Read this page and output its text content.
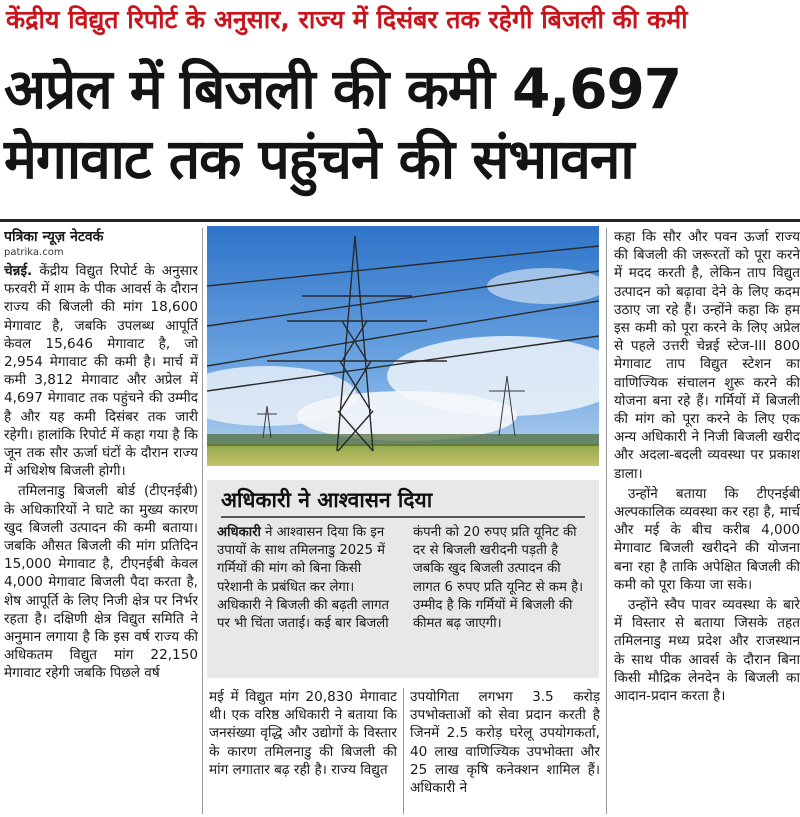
केंद्रीय विद्युत रिपोर्ट के अनुसार, राज्य में दिसंबर तक रहेगी बिजली की कमी
अप्रेल में बिजली की कमी 4,697
मेगावाट तक पहुंचने की संभावना
पत्रिका न्यूज़ नेटवर्क
patrika.com

चेन्नई. केंद्रीय विद्युत रिपोर्ट के अनुसार फरवरी में शाम के पीक आवर्स के दौरान राज्य की बिजली की मांग 18,600 मेगावाट है, जबकि उपलब्ध आपूर्ति केवल 15,646 मेगावाट है, जो 2,954 मेगावाट की कमी है। मार्च में कमी 3,812 मेगावाट और अप्रेल में 4,697 मेगावाट तक पहुंचने की उम्मीद है और यह कमी दिसंबर तक जारी रहेगी। हालांकि रिपोर्ट में कहा गया है कि जून तक सौर ऊर्जा घंटों के दौरान राज्य में अधिशेष बिजली होगी।

तमिलनाडु बिजली बोर्ड (टीएनईबी) के अधिकारियों ने घाटे का मुख्य कारण खुद बिजली उत्पादन की कमी बताया। जबकि औसत बिजली की मांग प्रतिदिन 15,000 मेगावाट है, टीएनईबी केवल 4,000 मेगावाट बिजली पैदा करता है, शेष आपूर्ति के लिए निजी क्षेत्र पर निर्भर रहता है। दक्षिणी क्षेत्र विद्युत समिति ने अनुमान लगाया है कि इस वर्ष राज्य की अधिकतम विद्युत मांग 22,150 मेगावाट रहेगी जबकि पिछले वर्ष

अधिकारी ने आश्वासन दिया
अधिकारी ने आश्वासन दिया कि इन उपायों के साथ तमिलनाडु 2025 में गर्मियों की मांग को बिना किसी परेशानी के प्रबंधित कर लेगा। अधिकारी ने बिजली की बढ़ती लागत पर भी चिंता जताई। कई बार बिजली
कंपनी को 20 रुपए प्रति यूनिट की दर से बिजली खरीदनी पड़ती है जबकि खुद बिजली उत्पादन की लागत 6 रुपए प्रति यूनिट से कम है। उम्मीद है कि गर्मियों में बिजली की कीमत बढ़ जाएगी।
मई में विद्युत मांग 20,830 मेगावाट थी। एक वरिष्ठ अधिकारी ने बताया कि जनसंख्या वृद्धि और उद्योगों के विस्तार के कारण तमिलनाडु की बिजली की मांग लगातार बढ़ रही है। राज्य विद्युत
उपयोगिता लगभग 3.5 करोड़ उपभोक्ताओं को सेवा प्रदान करती है जिनमें 2.5 करोड़ घरेलू उपयोगकर्ता, 40 लाख वाणिज्यिक उपभोक्ता और 25 लाख कृषि कनेक्शन शामिल हैं। अधिकारी ने

कहा कि सौर और पवन ऊर्जा राज्य की बिजली की जरूरतों को पूरा करने में मदद करती है, लेकिन ताप विद्युत उत्पादन को बढ़ावा देने के लिए कदम उठाए जा रहे हैं। उन्होंने कहा कि हम इस कमी को पूरा करने के लिए अप्रेल से पहले उत्तरी चेन्नई स्टेज-III 800 मेगावाट ताप विद्युत स्टेशन का वाणिज्यिक संचालन शुरू करने की योजना बना रहे हैं। गर्मियों में बिजली की मांग को पूरा करने के लिए एक अन्य अधिकारी ने निजी बिजली खरीद और अदला-बदली व्यवस्था पर प्रकाश डाला।

उन्होंने बताया कि टीएनईबी अल्पकालिक व्यवस्था कर रहा है, मार्च और मई के बीच करीब 4,000 मेगावाट बिजली खरीदने की योजना बना रहा है ताकि अपेक्षित बिजली की कमी को पूरा किया जा सके।

उन्होंने स्वैप पावर व्यवस्था के बारे में विस्तार से बताया जिसके तहत तमिलनाडु मध्य प्रदेश और राजस्थान के साथ पीक आवर्स के दौरान बिना किसी मौद्रिक लेनदेन के बिजली का आदान-प्रदान करता है।
